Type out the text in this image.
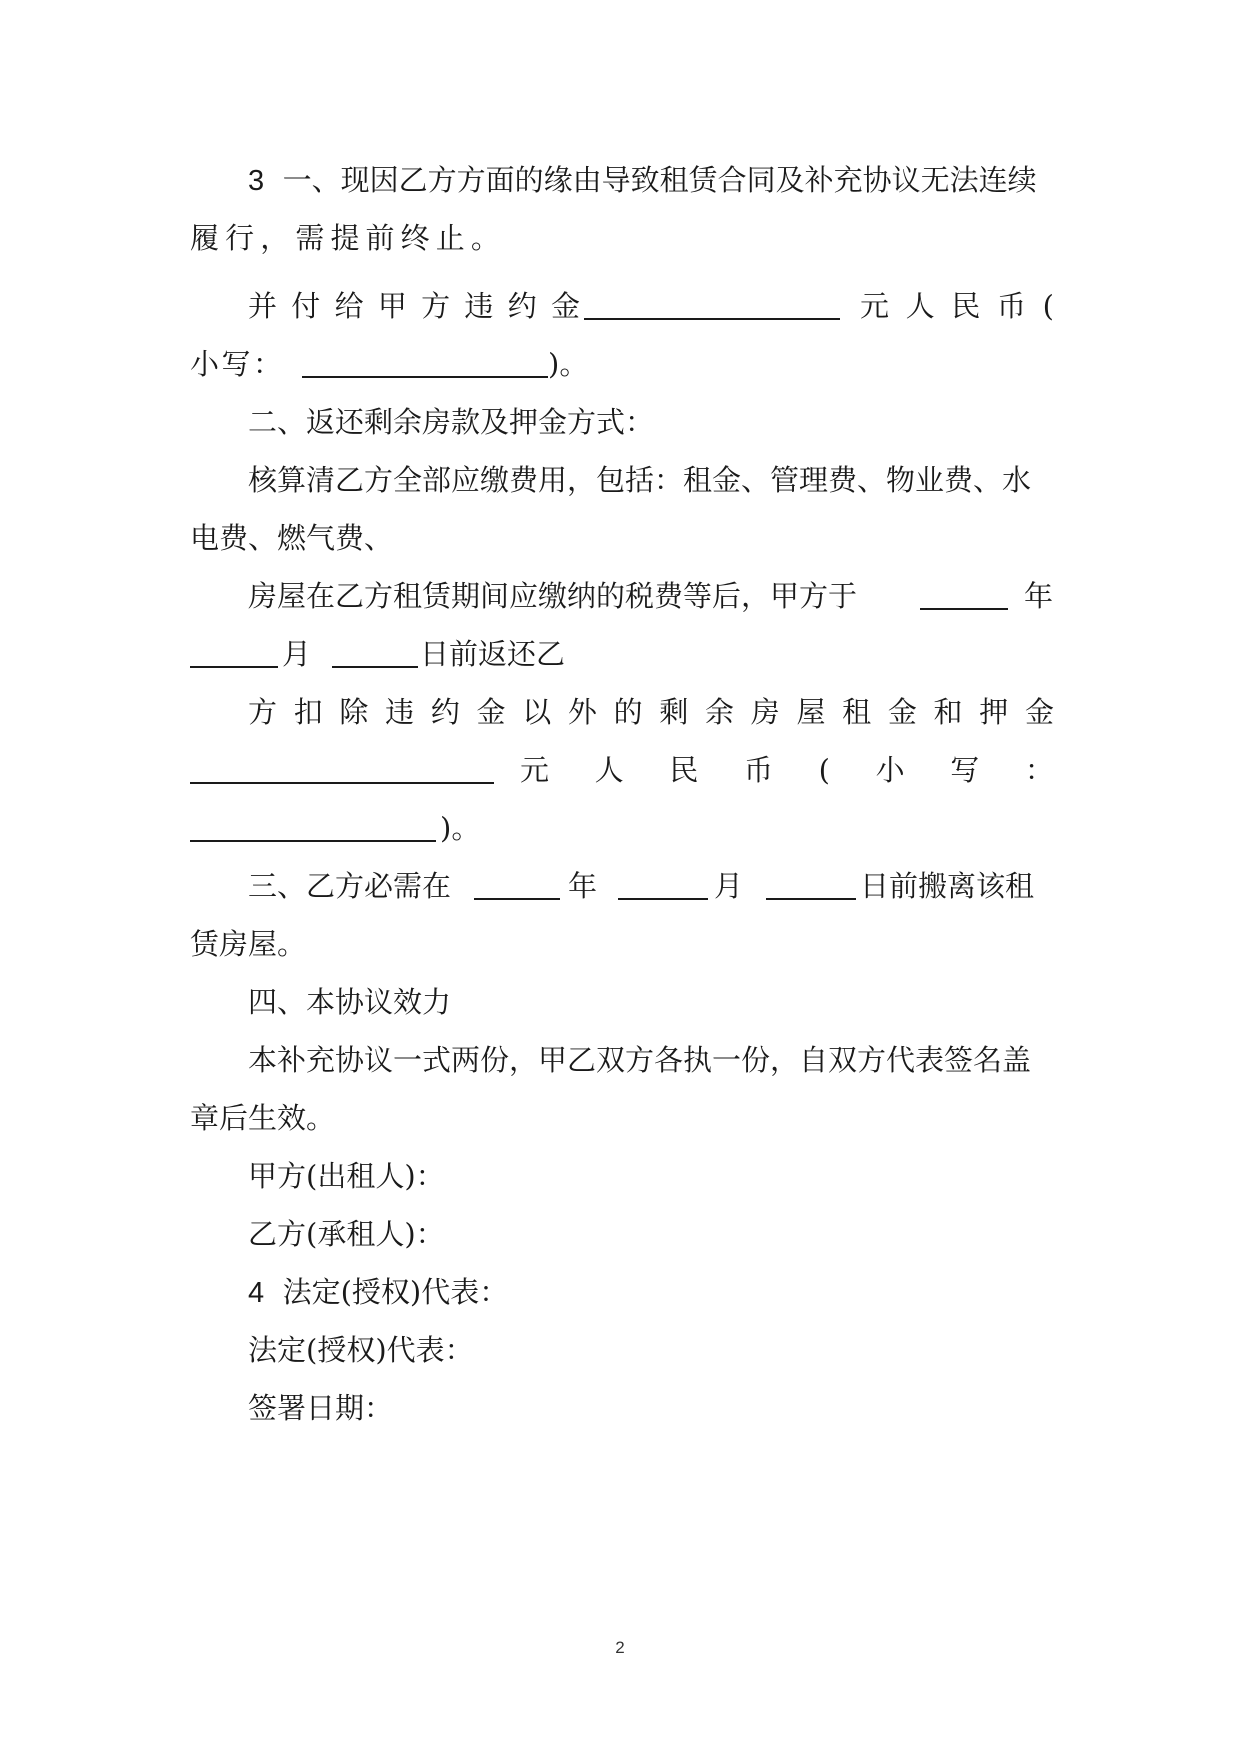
3 一、现因乙方方面的缘由导致租赁合同及补充协议无法连续
履 行 ， 需 提 前 终 止 。
并 付 给 甲 方 违 约 金	元 人 民 币 (
小 写 ：	)。
二、返还剩余房款及押金方式：
核算清乙方全部应缴费用，包括：租金、管理费、物业费、水
电费、燃气费、
房屋在乙方租赁期间应缴纳的税费等后，甲方于	年
月	日前返还乙
方 扣 除 违 约 金 以 外 的 剩 余 房 屋 租 金 和 押 金
元 人 民 币 ( 小 写 ：
)。
三、乙方必需在	年	月	日前搬离该租
赁房屋。
四、本协议效力
本补充协议一式两份，甲乙双方各执一份，自双方代表签名盖
章后生效。
甲方(出租人)：
乙方(承租人)：
4 法定(授权)代表：
法定(授权)代表：
签署日期：
2
